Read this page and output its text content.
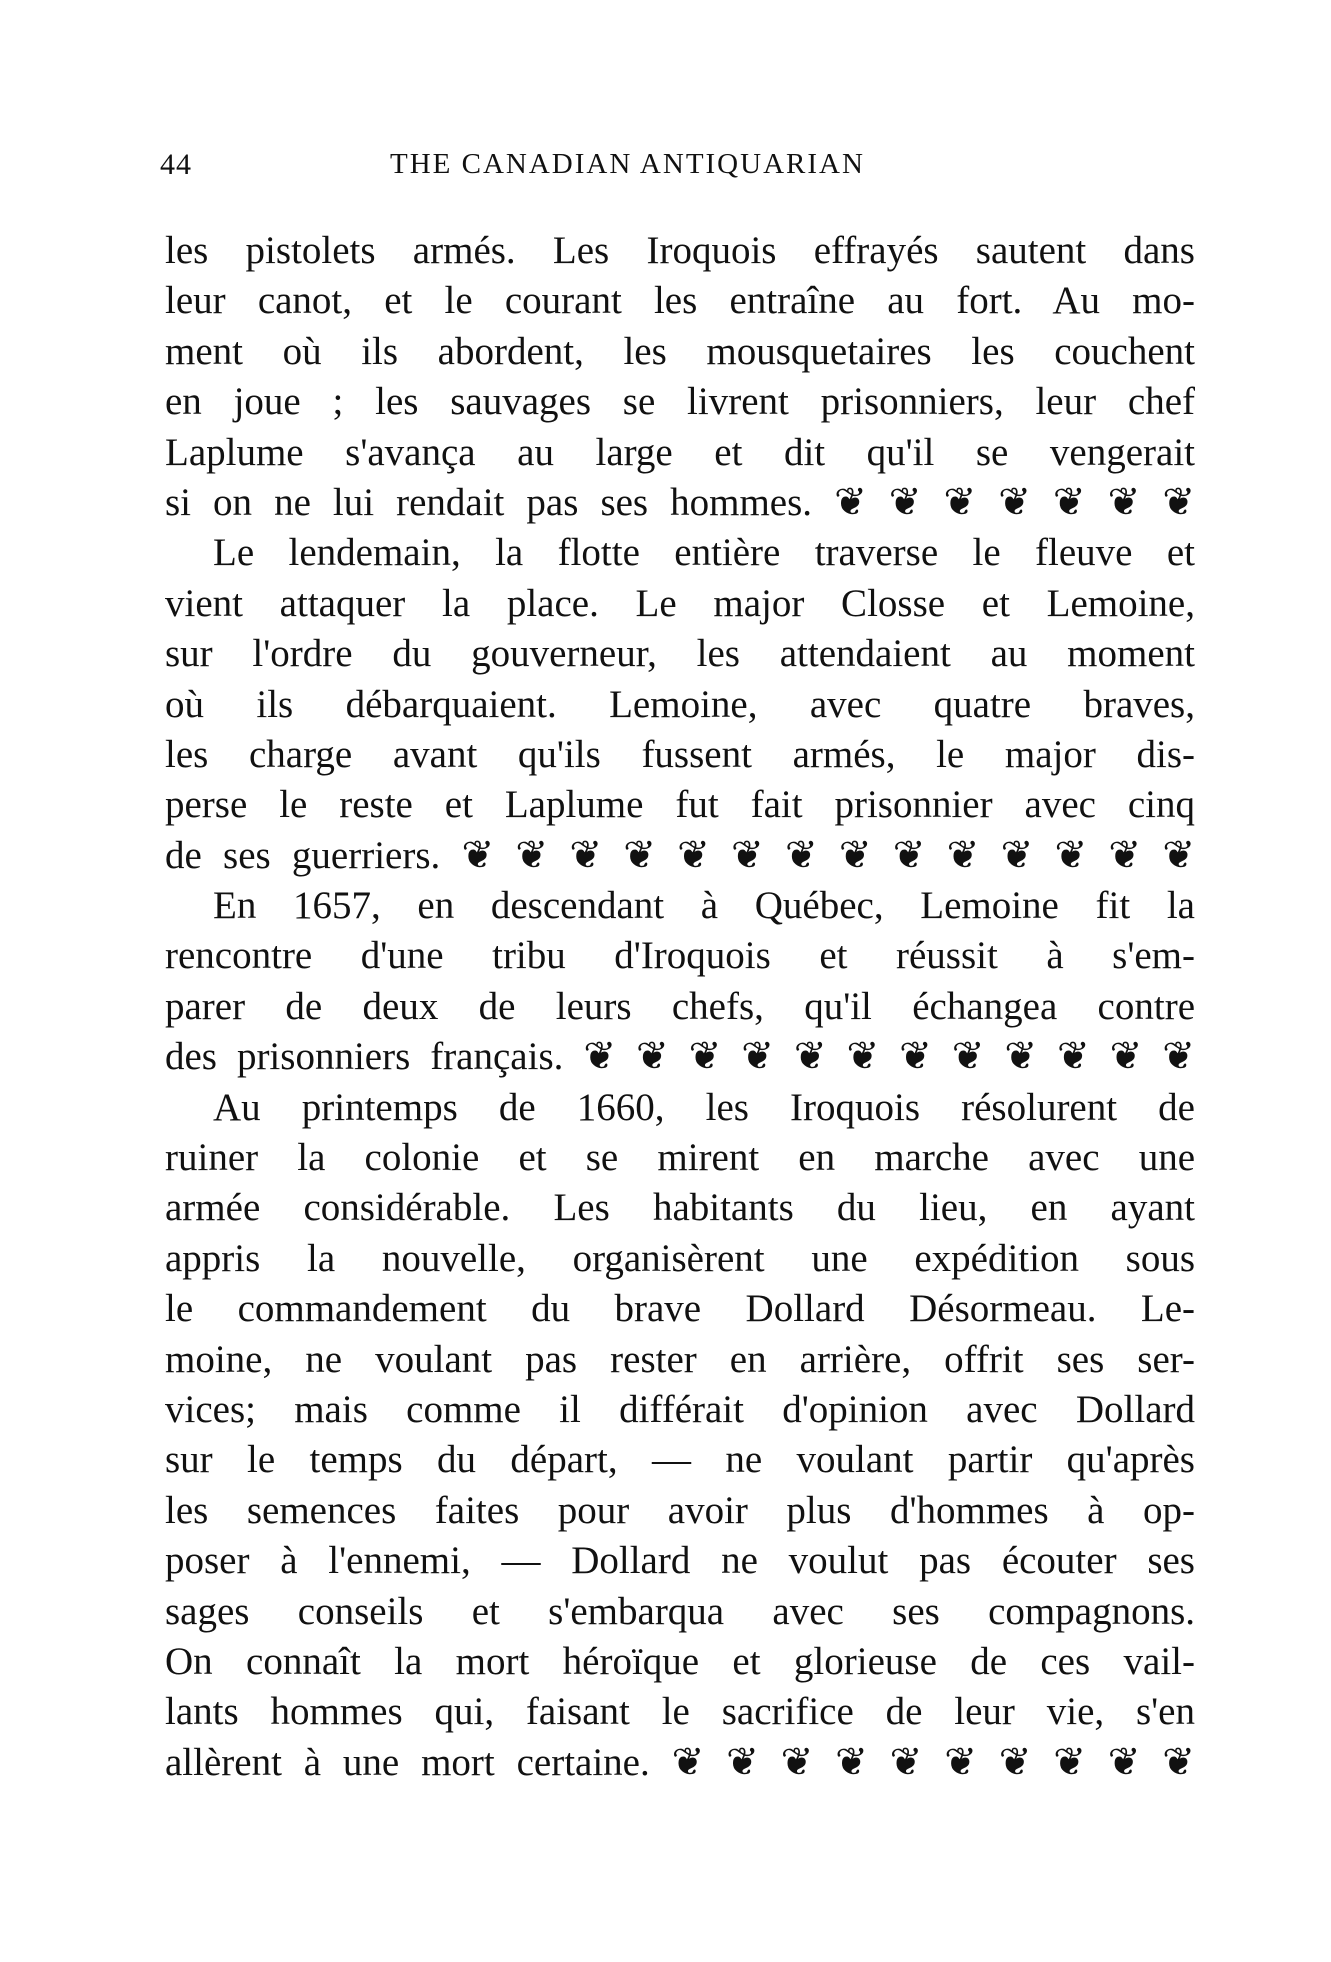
44	THE CANADIAN ANTIQUARIAN
les pistolets armés. Les Iroquois effrayés sautent dans
leur canot, et le courant les entraîne au fort. Au mo-
ment où ils abordent, les mousquetaires les couchent
en joue ; les sauvages se livrent prisonniers, leur chef
Laplume s'avança au large et dit qu'il se vengerait
si on ne lui rendait pas ses hommes. ❦ ❦ ❦ ❦ ❦ ❦ ❦
Le lendemain, la flotte entière traverse le fleuve et
vient attaquer la place. Le major Closse et Lemoine,
sur l'ordre du gouverneur, les attendaient au moment
où ils débarquaient. Lemoine, avec quatre braves,
les charge avant qu'ils fussent armés, le major dis-
perse le reste et Laplume fut fait prisonnier avec cinq
de ses guerriers. ❦ ❦ ❦ ❦ ❦ ❦ ❦ ❦ ❦ ❦ ❦ ❦ ❦ ❦
En 1657, en descendant à Québec, Lemoine fit la
rencontre d'une tribu d'Iroquois et réussit à s'em-
parer de deux de leurs chefs, qu'il échangea contre
des prisonniers français. ❦ ❦ ❦ ❦ ❦ ❦ ❦ ❦ ❦ ❦ ❦ ❦
Au printemps de 1660, les Iroquois résolurent de
ruiner la colonie et se mirent en marche avec une
armée considérable. Les habitants du lieu, en ayant
appris la nouvelle, organisèrent une expédition sous
le commandement du brave Dollard Désormeau. Le-
moine, ne voulant pas rester en arrière, offrit ses ser-
vices; mais comme il différait d'opinion avec Dollard
sur le temps du départ, — ne voulant partir qu'après
les semences faites pour avoir plus d'hommes à op-
poser à l'ennemi, — Dollard ne voulut pas écouter ses
sages conseils et s'embarqua avec ses compagnons.
On connaît la mort héroïque et glorieuse de ces vail-
lants hommes qui, faisant le sacrifice de leur vie, s'en
allèrent à une mort certaine. ❦ ❦ ❦ ❦ ❦ ❦ ❦ ❦ ❦ ❦
